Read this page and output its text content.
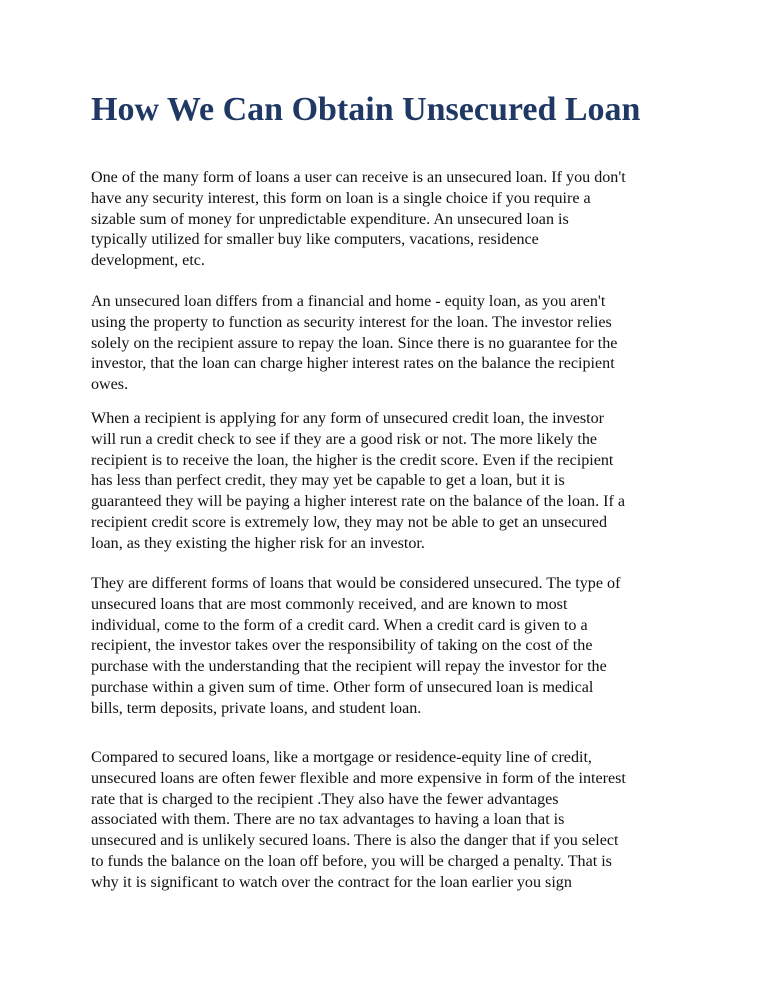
How We Can Obtain Unsecured Loan

One of the many form of loans a user can receive is an unsecured loan. If you don't
have any security interest, this form on loan is a single choice if you require a
sizable sum of money for unpredictable expenditure. An unsecured loan is
typically utilized for smaller buy like computers, vacations, residence
development, etc.

An unsecured loan differs from a financial and home - equity loan, as you aren't
using the property to function as security interest for the loan. The investor relies
solely on the recipient assure to repay the loan. Since there is no guarantee for the
investor, that the loan can charge higher interest rates on the balance the recipient
owes.

When a recipient is applying for any form of unsecured credit loan, the investor
will run a credit check to see if they are a good risk or not. The more likely the
recipient is to receive the loan, the higher is the credit score. Even if the recipient
has less than perfect credit, they may yet be capable to get a loan, but it is
guaranteed they will be paying a higher interest rate on the balance of the loan. If a
recipient credit score is extremely low, they may not be able to get an unsecured
loan, as they existing the higher risk for an investor.

They are different forms of loans that would be considered unsecured. The type of
unsecured loans that are most commonly received, and are known to most
individual, come to the form of a credit card. When a credit card is given to a
recipient, the investor takes over the responsibility of taking on the cost of the
purchase with the understanding that the recipient will repay the investor for the
purchase within a given sum of time. Other form of unsecured loan is medical
bills, term deposits, private loans, and student loan.

Compared to secured loans, like a mortgage or residence-equity line of credit,
unsecured loans are often fewer flexible and more expensive in form of the interest
rate that is charged to the recipient .They also have the fewer advantages
associated with them. There are no tax advantages to having a loan that is
unsecured and is unlikely secured loans. There is also the danger that if you select
to funds the balance on the loan off before, you will be charged a penalty. That is
why it is significant to watch over the contract for the loan earlier you sign
